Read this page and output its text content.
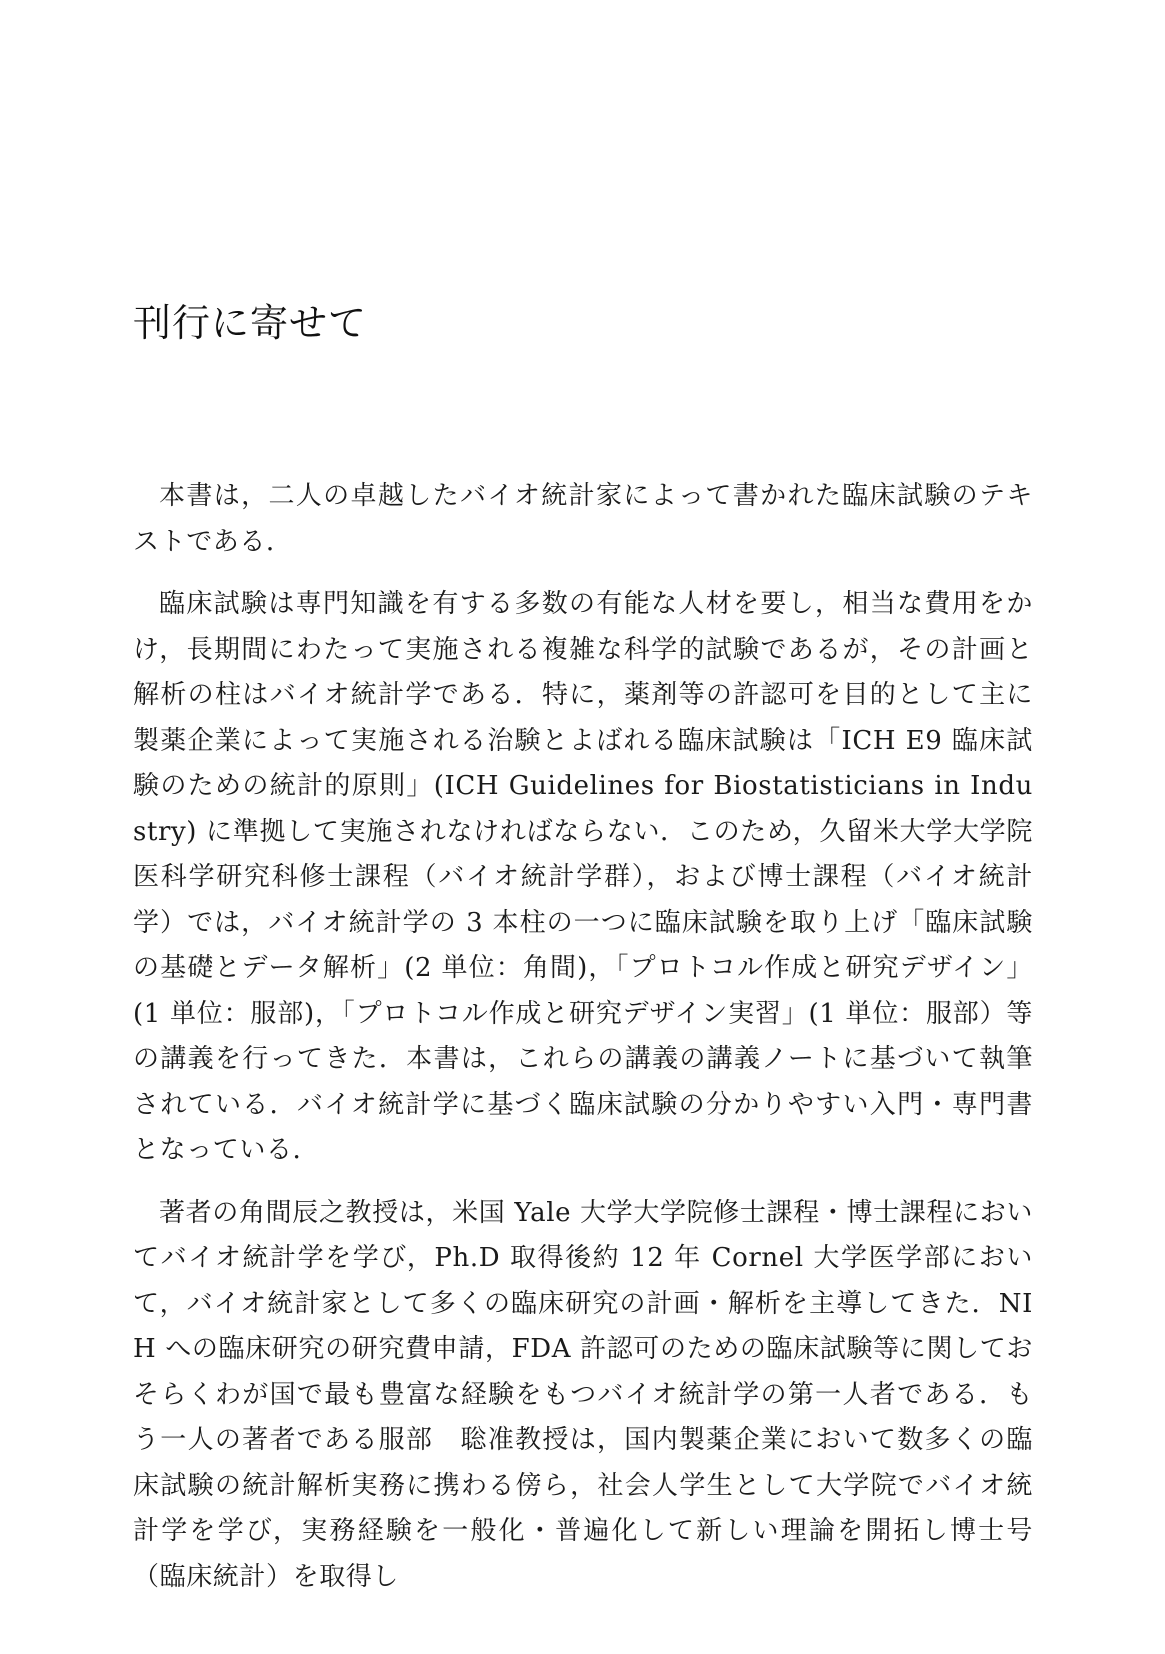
刊行に寄せて

本書は，二人の卓越したバイオ統計家によって書かれた臨床試験のテキストである．

臨床試験は専門知識を有する多数の有能な人材を要し，相当な費用をかけ，長期間にわたって実施される複雑な科学的試験であるが，その計画と解析の柱はバイオ統計学である．特に，薬剤等の許認可を目的として主に製薬企業によって実施される治験とよばれる臨床試験は「ICH E9 臨床試験のための統計的原則」(ICH Guidelines for Biostatisticians in Industry) に準拠して実施されなければならない．このため，久留米大学大学院医科学研究科修士課程（バイオ統計学群），および博士課程（バイオ統計学）では，バイオ統計学の 3 本柱の一つに臨床試験を取り上げ「臨床試験の基礎とデータ解析」(2 単位：角間)，「プロトコル作成と研究デザイン」(1 単位：服部)，「プロトコル作成と研究デザイン実習」(1 単位：服部）等の講義を行ってきた．本書は，これらの講義の講義ノートに基づいて執筆されている．バイオ統計学に基づく臨床試験の分かりやすい入門・専門書となっている．

著者の角間辰之教授は，米国 Yale 大学大学院修士課程・博士課程においてバイオ統計学を学び，Ph.D 取得後約 12 年 Cornel 大学医学部において，バイオ統計家として多くの臨床研究の計画・解析を主導してきた．NIH への臨床研究の研究費申請，FDA 許認可のための臨床試験等に関しておそらくわが国で最も豊富な経験をもつバイオ統計学の第一人者である．もう一人の著者である服部　聡准教授は，国内製薬企業において数多くの臨床試験の統計解析実務に携わる傍ら，社会人学生として大学院でバイオ統計学を学び，実務経験を一般化・普遍化して新しい理論を開拓し博士号（臨床統計）を取得し
